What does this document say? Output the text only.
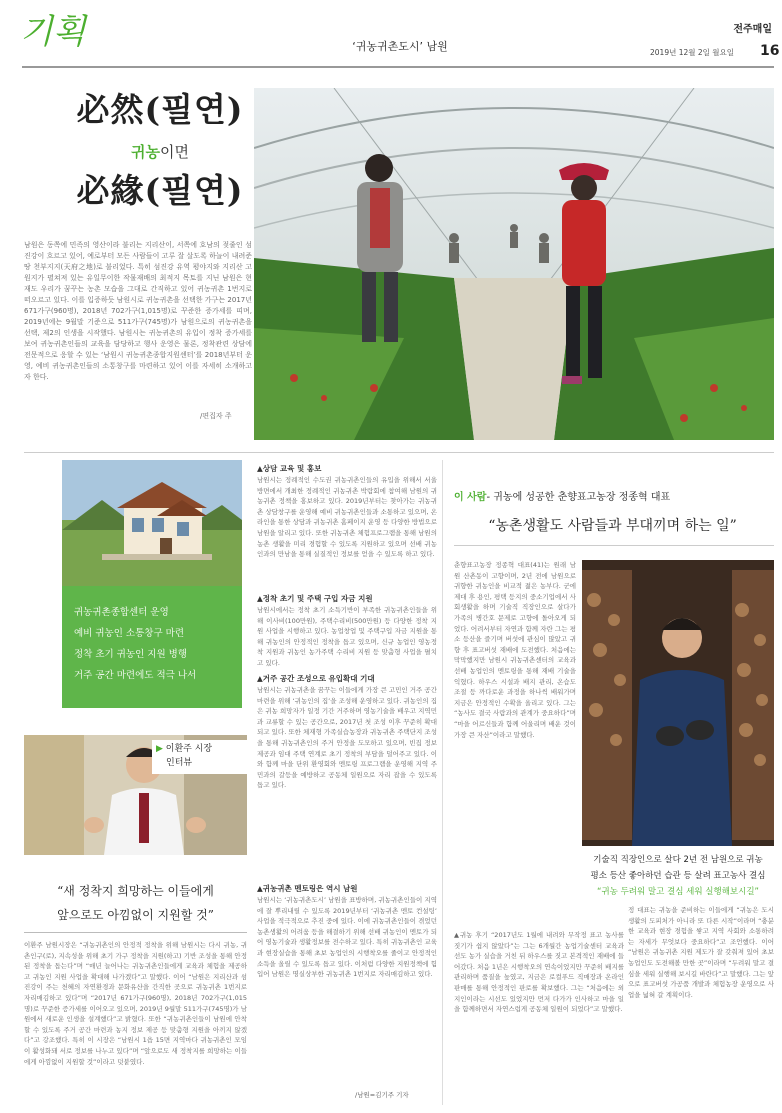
기획	‘귀농귀촌도시’ 남원
전주매일
2019년 12월 2일 월요일 16
必然(필연)
귀농이면
必緣(필연)
남원은 동쪽에 민족의 영산이라 불리는 지리산이, 서쪽에 호남의 젖줄인 섬진강이 흐르고 있어, 예로부터 모든 사람들이 고루 잘 살도록 하늘이 내려준 땅 천부지지(天府之地)로 불리었다. 특히 섬진강 유역 평야지와 지리산 고원지가 펼쳐져 있는 유일무이한 작물재배의 최적지 목토를 지닌 남원은 현재도 우리가 꿈꾸는 농촌 모습을 그대로 간직하고 있어 귀농귀촌 1번지로 떠오르고 있다. 이를 입증하듯 남원시로 귀농귀촌을 선택한 가구는 2017년 671가구(960명), 2018년 702가구(1,015명)로 꾸준한 증가세를 띠며, 2019년에는 9월말 기준으로 511가구(745명)가 남원으로의 귀농귀촌을 선택, 제2의 인생을 시작했다. 남원시는 귀농귀촌의 유입이 정착 증가세를 보여 귀농귀촌인들의 교육을 담당하고 행사 운영은 물론, 정착관련 상담에 전문적으로 응할 수 있는 ‘남원시 귀농귀촌종합지원센터’를 2018년부터 운영, 예비 귀농귀촌인들의 소통창구를 마련하고 있어 이를 자세히 소개하고자 한다.
/편집자 주
귀농귀촌종합센터 운영
예비 귀농인 소통창구 마련
정착 초기 귀농인 지원 병행
거주 공간 마련에도 적극 나서
▶ 이환주 시장
인터뷰
“새 정착지 희망하는 이들에게
앞으로도 아낌없이 지원할 것”
이환주 남원시장은 “귀농귀촌인의 안정적 정착을 위해 남원시는 다시 귀농, 귀촌인구(로), 지속성을 위해 초기 가구 정착을 지원(하고) 기반 조성을 통해 안정된 정착을 돕는다”며 “매년 늘어나는 귀농귀촌인들에게 교육과 체험을 제공하고 귀농인 지원 사업을 확대해 나가겠다”고 말했다. 이어 “남원은 지리산과 섬진강이 주는 천혜의 자연환경과 문화유산을 간직한 곳으로 귀농귀촌 1번지로 자리매김하고 있다”며 “2017년 671가구(960명), 2018년 702가구(1,015명)로 꾸준한 증가세를 이어오고 있으며, 2019년 9월말 511가구(745명)가 남원에서 새로운 인생을 설계했다”고 밝혔다. 또한 “귀농귀촌인들이 남원에 안착할 수 있도록 주거 공간 마련과 농지 정보 제공 등 맞춤형 지원을 아끼지 않겠다”고 강조했다. 특히 이 시장은 “남원시 1읍 15면 지역마다 귀농귀촌인 모임이 활성화돼 서로 정보를 나누고 있다”며 “앞으로도 새 정착지를 희망하는 이들에게 아낌없이 지원할 것”이라고 덧붙였다.
▲상담 교육 및 홍보
남원시는 정례적인 수도권 귀농귀촌인들의 유입을 위해서 서울 방면에서 개최한 정례적인 귀농귀촌 박람회에 참여해 남원의 귀농귀촌 정책을 홍보하고 있다. 2019년부터는 찾아가는 귀농귀촌 상담창구를 운영해 예비 귀농귀촌인들과 소통하고 있으며, 온라인을 통한 상담과 귀농귀촌 홈페이지 운영 등 다양한 방법으로 남원을 알리고 있다. 또한 귀농귀촌 체험프로그램을 통해 남원의 농촌 생활을 미리 경험할 수 있도록 지원하고 있으며 선배 귀농인과의 만남을 통해 실질적인 정보를 얻을 수 있도록 하고 있다.
▲정착 초기 및 주택 구입 자금 지원
남원시에서는 정착 초기 소득기반이 부족한 귀농귀촌인들을 위해 이사비(100만원), 주택수리비(500만원) 등 다양한 정착 지원 사업을 시행하고 있다. 농업창업 및 주택구입 자금 지원을 통해 귀농인의 안정적인 정착을 돕고 있으며, 신규 농업인 영농정착 지원과 귀농인 농가주택 수리비 지원 등 맞춤형 사업을 펼치고 있다.
▲거주 공간 조성으로 유입확대 기대
남원시는 귀농귀촌을 꿈꾸는 이들에게 가장 큰 고민인 거주 공간 마련을 위해 ‘귀농인의 집’을 조성해 운영하고 있다. 귀농인의 집은 귀농 희망자가 일정 기간 거주하며 영농기술을 배우고 지역민과 교류할 수 있는 공간으로, 2017년 첫 조성 이후 꾸준히 확대되고 있다. 또한 체재형 가족실습농장과 귀농귀촌 주택단지 조성을 통해 귀농귀촌인의 주거 안정을 도모하고 있으며, 빈집 정보 제공과 임대 주택 연계로 초기 정착의 부담을 덜어주고 있다. 이와 함께 마을 단위 환영회와 멘토링 프로그램을 운영해 지역 주민과의 갈등을 예방하고 공동체 일원으로 자리 잡을 수 있도록 돕고 있다.
▲귀농귀촌 멘토링은 역시 남원
남원시는 ‘귀농귀촌도시’ 남원을 표방하며, 귀농귀촌인들이 지역에 잘 뿌리내릴 수 있도록 2019년부터 ‘귀농귀촌 멘토 컨설팅’ 사업을 적극적으로 추진 중에 있다. 이에 귀농귀촌인들이 겪었던 농촌생활의 어려움 등을 해결하기 위해 선배 귀농인이 멘토가 되어 영농기술과 생활정보를 전수하고 있다. 특히 귀농귀촌인 교육과 현장실습을 통해 초보 농업인의 시행착오를 줄이고 안정적인 소득을 올릴 수 있도록 돕고 있다. 이처럼 다양한 지원정책에 힘입어 남원은 명실상부한 귀농귀촌 1번지로 자리매김하고 있다.
/남원=김기주 기자
이 사람- 귀농에 성공한 춘향표고농장 정종혁 대표
“농촌생활도 사람들과 부대끼며 하는 일”
춘향표고농장 정종혁 대표(41)는 원래 남원 산촌동이 고향이며, 2년 전에 남원으로 귀향한 귀농인을 비교적 젊은 농부다. 군에 제대 후 용인, 평택 등지의 중소기업에서 사회생활을 하며 기술직 직장인으로 살다가 가족의 병간호 문제로 고향에 돌아오게 되었다. 어려서부터 자연과 함께 자란 그는 평소 등산을 즐기며 버섯에 관심이 많았고 귀향 후 표고버섯 재배에 도전했다. 처음에는 막막했지만 남원시 귀농귀촌센터의 교육과 선배 농업인의 멘토링을 통해 재배 기술을 익혔다. 하우스 시설과 배지 관리, 온습도 조절 등 까다로운 과정을 하나씩 배워가며 지금은 안정적인 수확을 올리고 있다. 그는 “농사도 결국 사람과의 관계가 중요하다”며 “마을 어르신들과 함께 어울리며 배운 것이 가장 큰 자산”이라고 말했다.
기술직 직장인으로 살다 2년 전 남원으로 귀농
평소 등산 좋아하던 습관 등 살려 표고농사 결심
“귀농 두려워 말고 결심 세워 실행해보시길”
▲귀농 후기 “2017년도 1월에 내려와 무작정 표고 농사를 짓기가 쉽지 않았다”는 그는 6개월간 농업기술센터 교육과 선도 농가 실습을 거친 뒤 하우스를 짓고 본격적인 재배에 들어갔다. 처음 1년은 시행착오의 연속이었지만 꾸준히 배지를 관리하며 품질을 높였고, 지금은 로컬푸드 직매장과 온라인 판매를 통해 안정적인 판로를 확보했다. 그는 “처음에는 외지인이라는 시선도 있었지만 먼저 다가가 인사하고 마을 일을 함께하면서 자연스럽게 공동체 일원이 되었다”고 말했다.
정 대표는 귀농을 준비하는 이들에게 “귀농은 도시 생활의 도피처가 아니라 또 다른 시작”이라며 “충분한 교육과 현장 경험을 쌓고 지역 사회와 소통하려는 자세가 무엇보다 중요하다”고 조언했다. 이어 “남원은 귀농귀촌 지원 제도가 잘 갖춰져 있어 초보 농업인도 도전해볼 만한 곳”이라며 “두려워 말고 결심을 세워 실행해 보시길 바란다”고 말했다. 그는 앞으로 표고버섯 가공품 개발과 체험농장 운영으로 사업을 넓혀 갈 계획이다.
